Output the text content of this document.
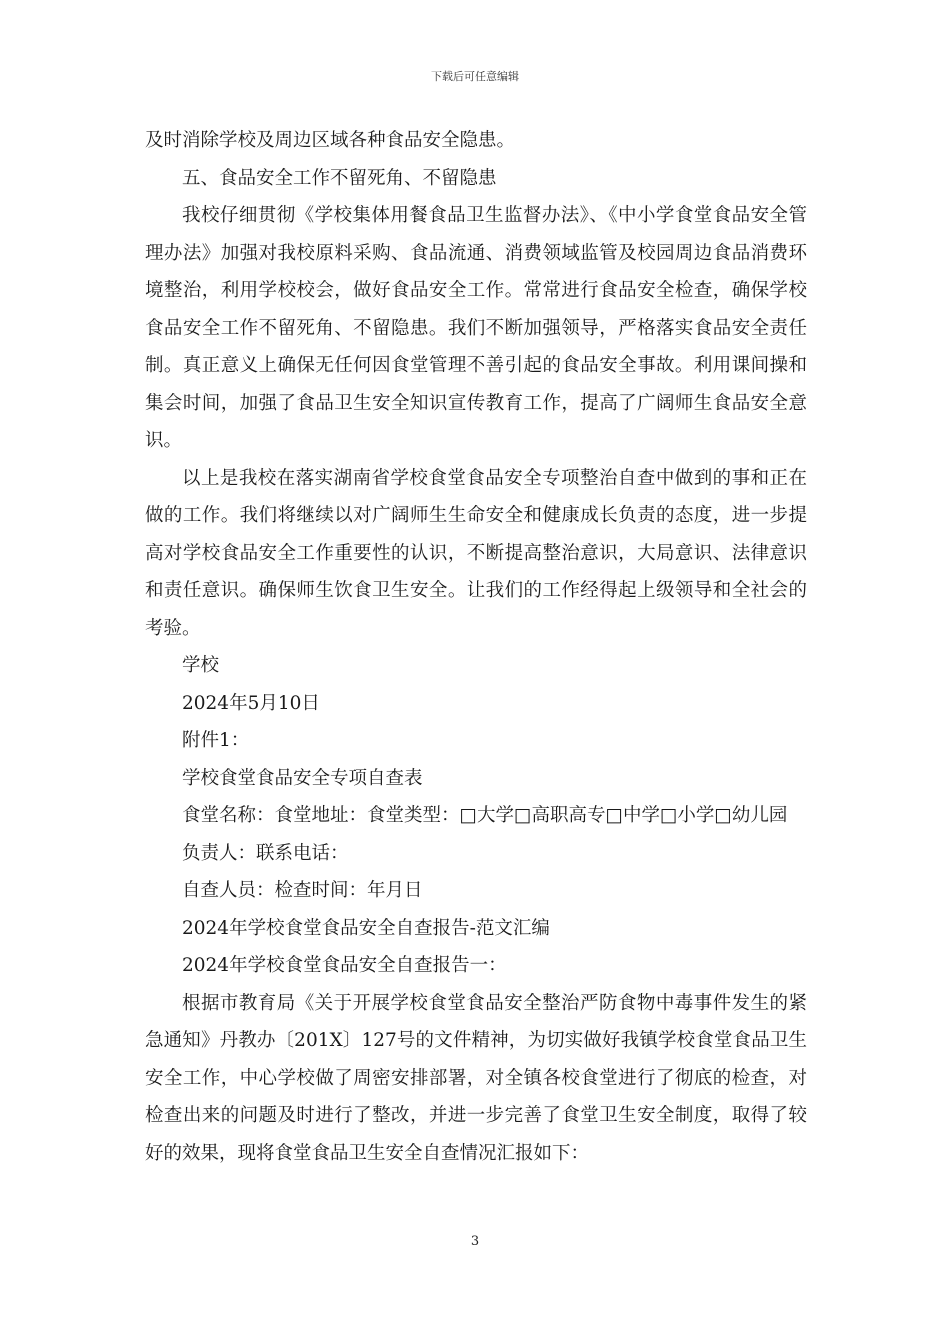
下载后可任意编辑

及时消除学校及周边区域各种食品安全隐患。

五、食品安全工作不留死角、不留隐患

我校仔细贯彻《学校集体用餐食品卫生监督办法》、《中小学食堂食品安全管理办法》加强对我校原料采购、食品流通、消费领域监管及校园周边食品消费环境整治，利用学校校会，做好食品安全工作。常常进行食品安全检查，确保学校食品安全工作不留死角、不留隐患。我们不断加强领导，严格落实食品安全责任制。真正意义上确保无任何因食堂管理不善引起的食品安全事故。利用课间操和集会时间，加强了食品卫生安全知识宣传教育工作，提高了广阔师生食品安全意识。

以上是我校在落实湖南省学校食堂食品安全专项整治自查中做到的事和正在做的工作。我们将继续以对广阔师生生命安全和健康成长负责的态度，进一步提高对学校食品安全工作重要性的认识，不断提高整治意识，大局意识、法律意识和责任意识。确保师生饮食卫生安全。让我们的工作经得起上级领导和全社会的考验。

学校

2024年5月10日

附件1：

学校食堂食品安全专项自查表

食堂名称：食堂地址：食堂类型：□大学□高职高专□中学□小学□幼儿园

负责人：联系电话：

自查人员：检查时间：年月日

2024年学校食堂食品安全自查报告-范文汇编

2024年学校食堂食品安全自查报告一：

根据市教育局《关于开展学校食堂食品安全整治严防食物中毒事件发生的紧急通知》丹教办〔201X〕127号的文件精神，为切实做好我镇学校食堂食品卫生安全工作，中心学校做了周密安排部署，对全镇各校食堂进行了彻底的检查，对检查出来的问题及时进行了整改，并进一步完善了食堂卫生安全制度，取得了较好的效果，现将食堂食品卫生安全自查情况汇报如下：

3
